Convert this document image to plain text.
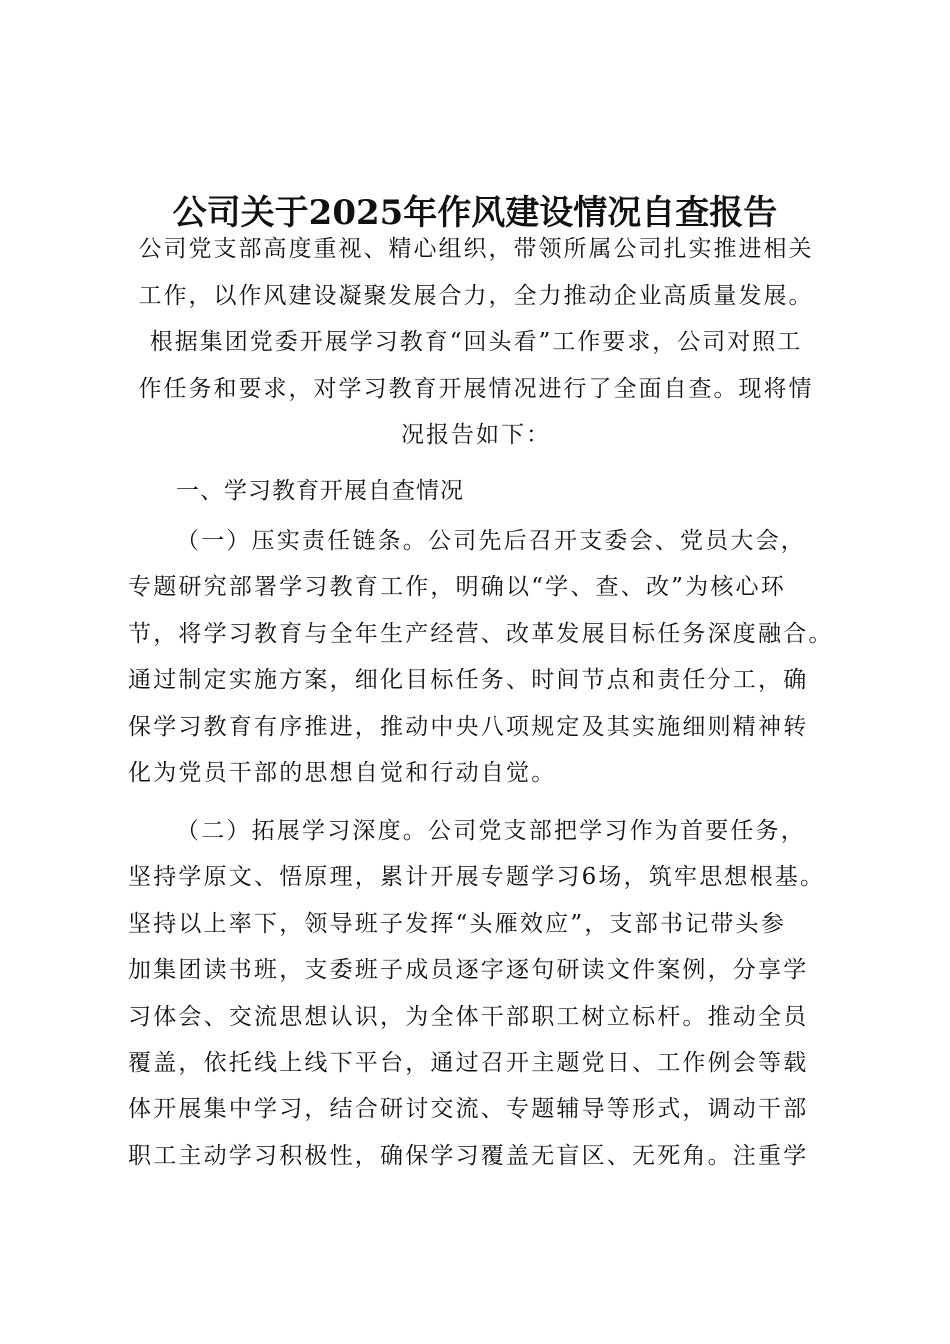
公司关于2025年作风建设情况自查报告
公司党支部高度重视、精心组织，带领所属公司扎实推进相关
工作，以作风建设凝聚发展合力，全力推动企业高质量发展。
根据集团党委开展学习教育“回头看”工作要求，公司对照工
作任务和要求，对学习教育开展情况进行了全面自查。现将情
况报告如下：
一、学习教育开展自查情况
（一）压实责任链条。公司先后召开支委会、党员大会，
专题研究部署学习教育工作，明确以“学、查、改”为核心环
节，将学习教育与全年生产经营、改革发展目标任务深度融合。
通过制定实施方案，细化目标任务、时间节点和责任分工，确
保学习教育有序推进，推动中央八项规定及其实施细则精神转
化为党员干部的思想自觉和行动自觉。
（二）拓展学习深度。公司党支部把学习作为首要任务，
坚持学原文、悟原理，累计开展专题学习6场，筑牢思想根基。
坚持以上率下，领导班子发挥“头雁效应”，支部书记带头参
加集团读书班，支委班子成员逐字逐句研读文件案例，分享学
习体会、交流思想认识，为全体干部职工树立标杆。推动全员
覆盖，依托线上线下平台，通过召开主题党日、工作例会等载
体开展集中学习，结合研讨交流、专题辅导等形式，调动干部
职工主动学习积极性，确保学习覆盖无盲区、无死角。注重学
